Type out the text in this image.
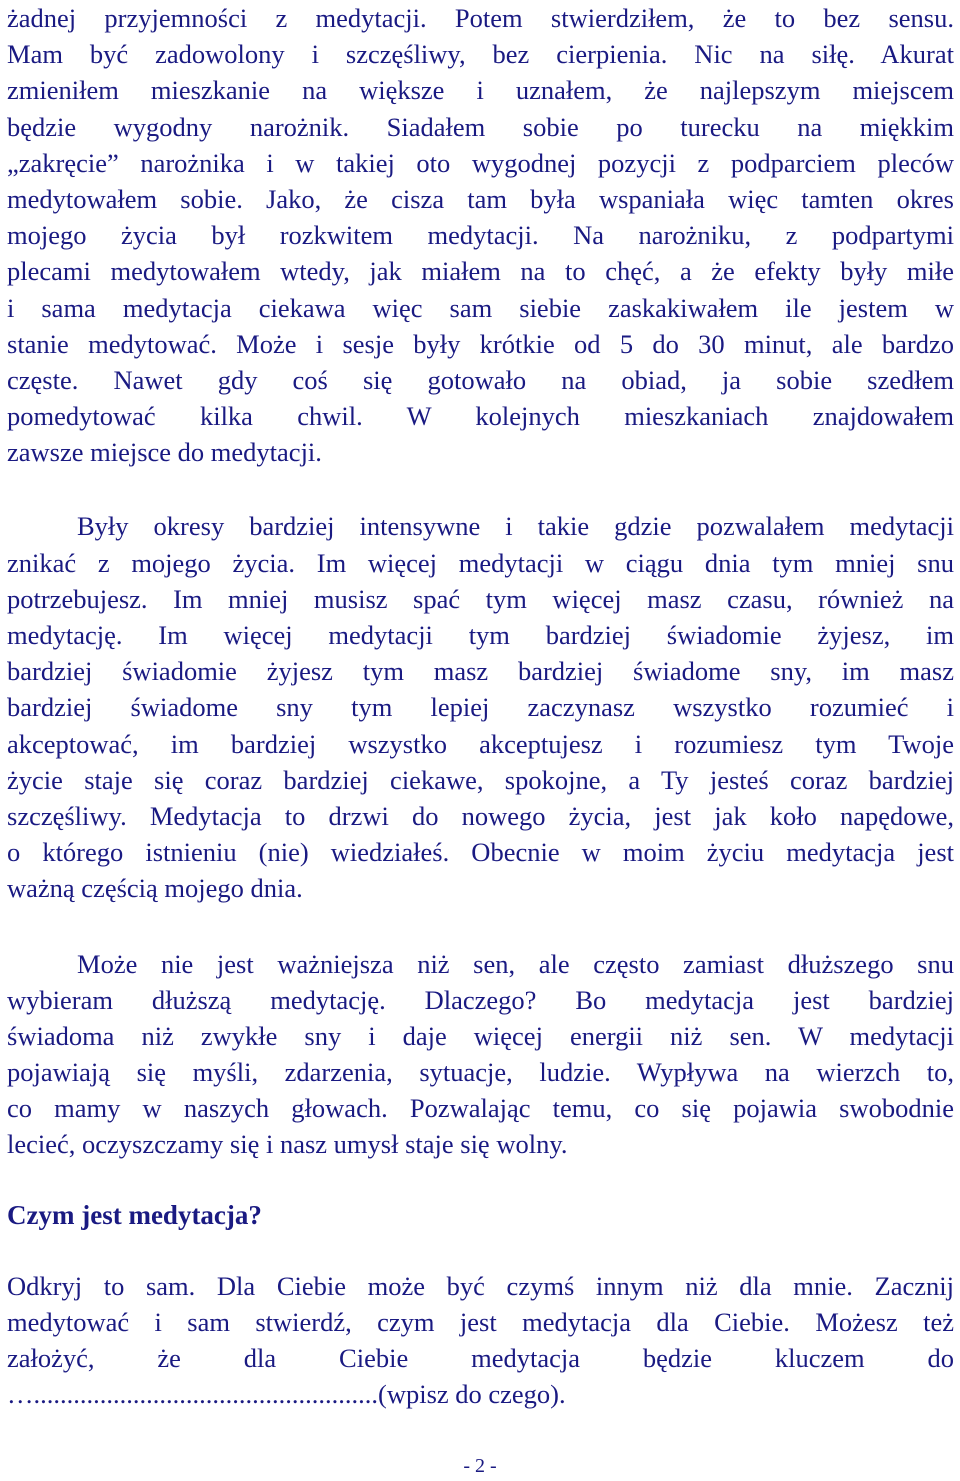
żadnej przyjemności z medytacji. Potem stwierdziłem, że to bez sensu.
Mam być zadowolony i szczęśliwy, bez cierpienia. Nic na siłę. Akurat
zmieniłem mieszkanie na większe i uznałem, że najlepszym miejscem
będzie wygodny narożnik. Siadałem sobie po turecku na miękkim
„zakręcie” narożnika i w takiej oto wygodnej pozycji z podparciem pleców
medytowałem sobie. Jako, że cisza tam była wspaniała więc tamten okres
mojego życia był rozkwitem medytacji. Na narożniku, z podpartymi
plecami medytowałem wtedy, jak miałem na to chęć, a że efekty były miłe
i sama medytacja ciekawa więc sam siebie zaskakiwałem ile jestem w
stanie medytować. Może i sesje były krótkie od 5 do 30 minut, ale bardzo
częste. Nawet gdy coś się gotowało na obiad, ja sobie szedłem
pomedytować kilka chwil. W kolejnych mieszkaniach znajdowałem
zawsze miejsce do medytacji.

Były okresy bardziej intensywne i takie gdzie pozwalałem medytacji
znikać z mojego życia. Im więcej medytacji w ciągu dnia tym mniej snu
potrzebujesz. Im mniej musisz spać tym więcej masz czasu, również na
medytację. Im więcej medytacji tym bardziej świadomie żyjesz, im
bardziej świadomie żyjesz tym masz bardziej świadome sny, im masz
bardziej świadome sny tym lepiej zaczynasz wszystko rozumieć i
akceptować, im bardziej wszystko akceptujesz i rozumiesz tym Twoje
życie staje się coraz bardziej ciekawe, spokojne, a Ty jesteś coraz bardziej
szczęśliwy. Medytacja to drzwi do nowego życia, jest jak koło napędowe,
o którego istnieniu (nie) wiedziałeś. Obecnie w moim życiu medytacja jest
ważną częścią mojego dnia.

Może nie jest ważniejsza niż sen, ale często zamiast dłuższego snu
wybieram dłuższą medytację. Dlaczego? Bo medytacja jest bardziej
świadoma niż zwykłe sny i daje więcej energii niż sen. W medytacji
pojawiają się myśli, zdarzenia, sytuacje, ludzie. Wypływa na wierzch to,
co mamy w naszych głowach. Pozwalając temu, co się pojawia swobodnie
lecieć, oczyszczamy się i nasz umysł staje się wolny.

Czym jest medytacja?

Odkryj to sam. Dla Ciebie może być czymś innym niż dla mnie. Zacznij
medytować i sam stwierdź, czym jest medytacja dla Ciebie. Możesz też
założyć, że dla Ciebie medytacja będzie kluczem do
…....................................................(wpisz do czego).

- 2 -
